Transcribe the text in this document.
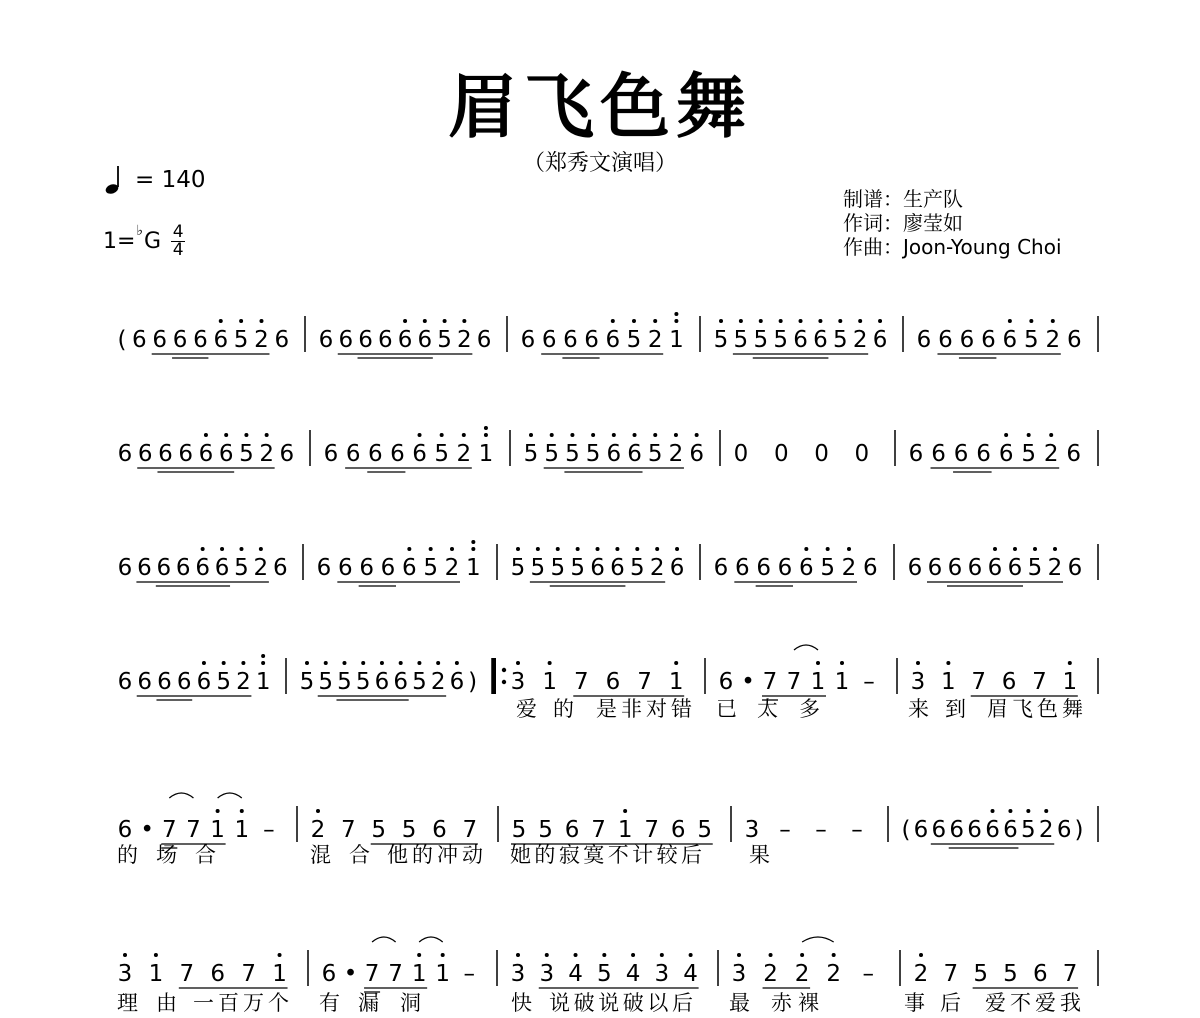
眉飞色舞
（郑秀文演唱）
= 140
1= ♭ G 4
4
制谱：生产队
作词：廖莹如
作曲：Joon-Young Choi
( 6 6 6 6 6 5 2 6 6 6 6 6 6 6 5 2 6 6 6 6 6 6 5 2 1 5 5 5 5 6 6 5 2 6 6 6 6 6 6 5 2 6
6 6 6 6 6 6 5 2 6 6 6 6 6 6 5 2 1 5 5 5 5 6 6 5 2 6 0 0 0 0 6 6 6 6 6 5 2 6
6 6 6 6 6 6 5 2 6 6 6 6 6 6 5 2 1 5 5 5 5 6 6 5 2 6 6 6 6 6 6 5 2 6 6 6 6 6 6 6 5 2 6
6 6 6 6 6 5 2 1 5 5 5 5 6 6 5 2 6 ) 3 1 7 6 7 1 6 • 7 7 1 1 – 3 1 7 6 7 1
爱 的 是非对错 已 太 多	来 到 眉飞色舞
6 • 7 7 1 1 – 2 7 5 5 6 7 5 5 6 7 1 7 6 5 3 – – – ( 6 6 6 6 6 6 5 2 6 )
的 场 合	混 合 他的冲动 她的寂寞不计较后 果
3 1 7 6 7 1 6 • 7 7 1 1 – 3 3 4 5 4 3 4 3 2 2 2 – 2 7 5 5 6 7
理 由 一百万个 有 漏 洞	快 说破说破以后 最 赤裸	事 后 爱不爱我
